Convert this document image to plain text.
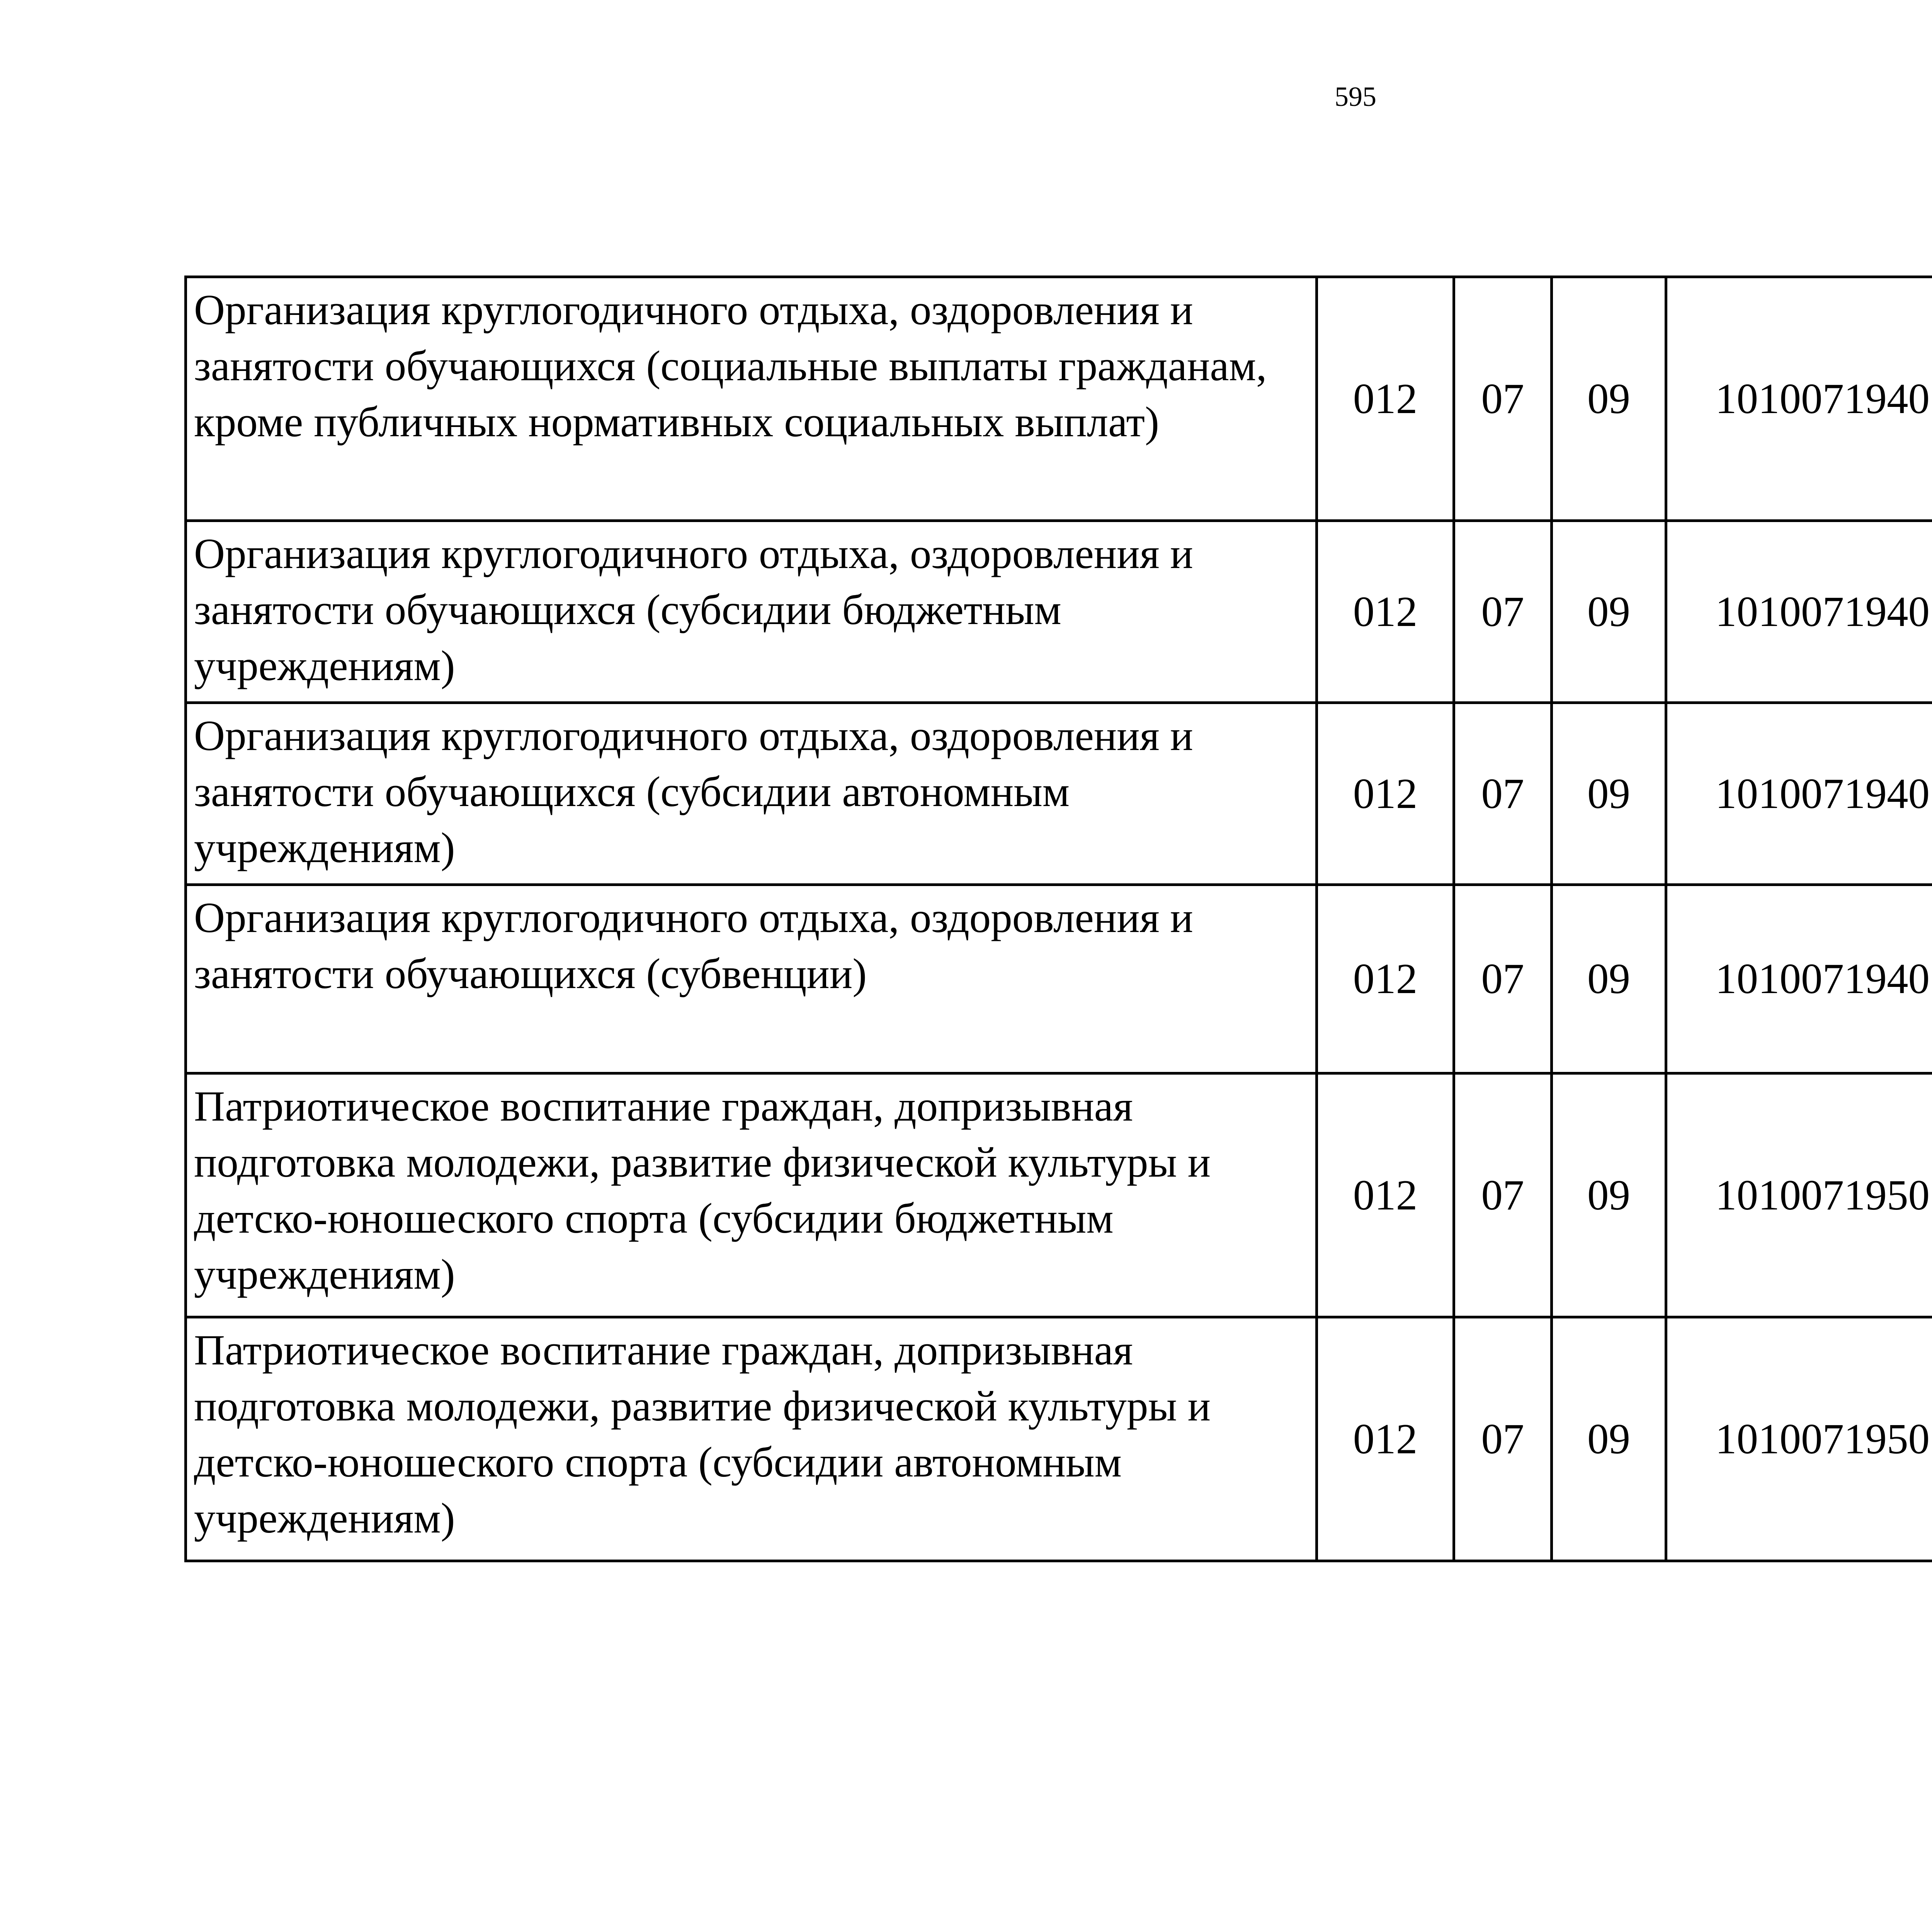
595
Организация круглогодичного отдыха, оздоровления и занятости обучающихся (социальные выплаты гражданам, кроме публичных нормативных социальных выплат)	012	07	09	1010071940		
Организация круглогодичного отдыха, оздоровления и занятости обучающихся (субсидии бюджетным учреждениям)	012	07	09	1010071940		
Организация круглогодичного отдыха, оздоровления и занятости обучающихся (субсидии автономным учреждениям)	012	07	09	1010071940		
Организация круглогодичного отдыха, оздоровления и занятости обучающихся (субвенции)	012	07	09	1010071940		
Патриотическое воспитание граждан, допризывная подготовка молодежи, развитие физической культуры и детско-юношеского спорта (субсидии бюджетным учреждениям)	012	07	09	1010071950		
Патриотическое воспитание граждан, допризывная подготовка молодежи, развитие физической культуры и детско-юношеского спорта (субсидии автономным учреждениям)	012	07	09	1010071950		
